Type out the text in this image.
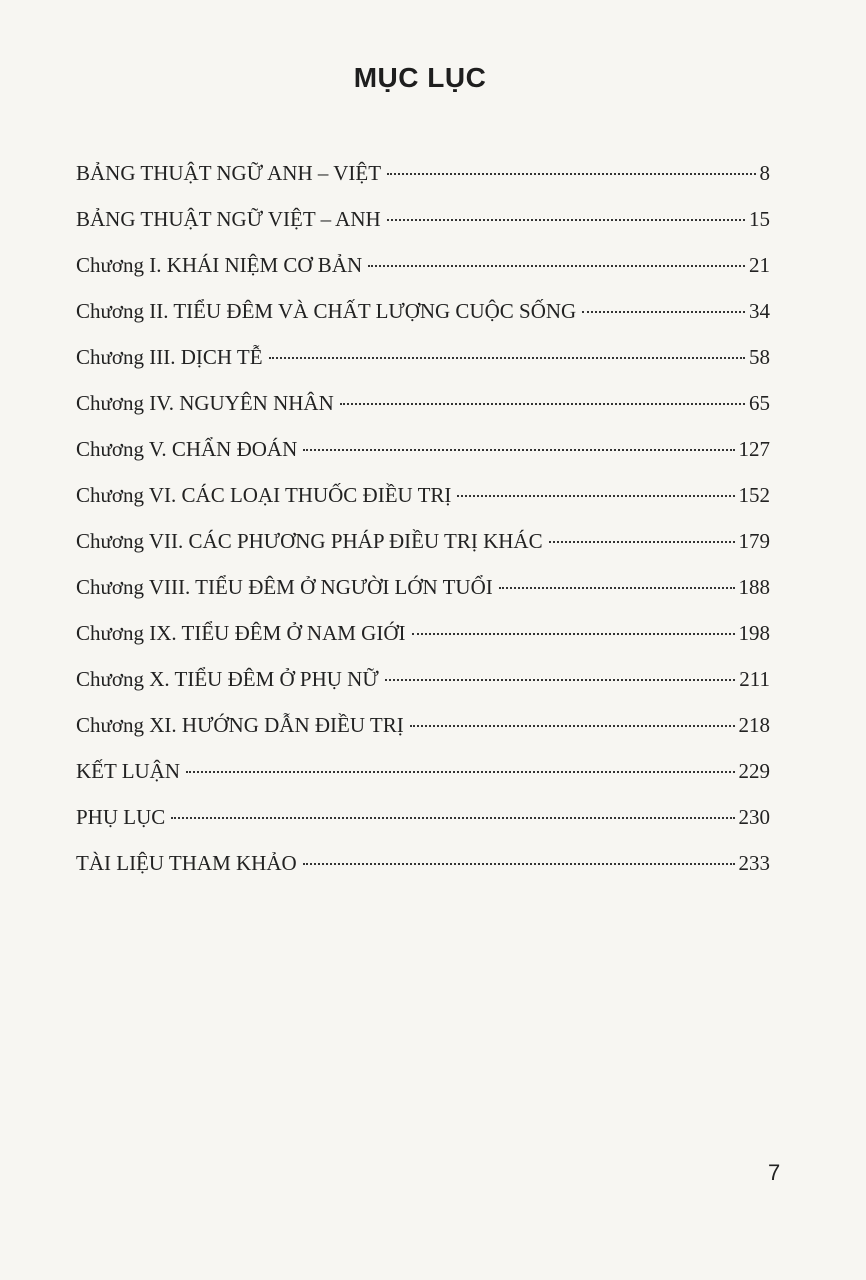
MỤC LỤC
BẢNG THUẬT NGỮ ANH – VIỆT	8
BẢNG THUẬT NGỮ VIỆT – ANH	15
Chương I. KHÁI NIỆM CƠ BẢN	21
Chương II. TIỂU ĐÊM VÀ CHẤT LƯỢNG CUỘC SỐNG	34
Chương III. DỊCH TỄ	58
Chương IV. NGUYÊN NHÂN	65
Chương V. CHẨN ĐOÁN	127
Chương VI. CÁC LOẠI THUỐC ĐIỀU TRỊ	152
Chương VII. CÁC PHƯƠNG PHÁP ĐIỀU TRỊ KHÁC	179
Chương VIII. TIỂU ĐÊM Ở NGƯỜI LỚN TUỔI	188
Chương IX. TIỂU ĐÊM Ở NAM GIỚI	198
Chương X. TIỂU ĐÊM Ở PHỤ NỮ	211
Chương XI. HƯỚNG DẪN ĐIỀU TRỊ	218
KẾT LUẬN	229
PHỤ LỤC	230
TÀI LIỆU THAM KHẢO	233
7
